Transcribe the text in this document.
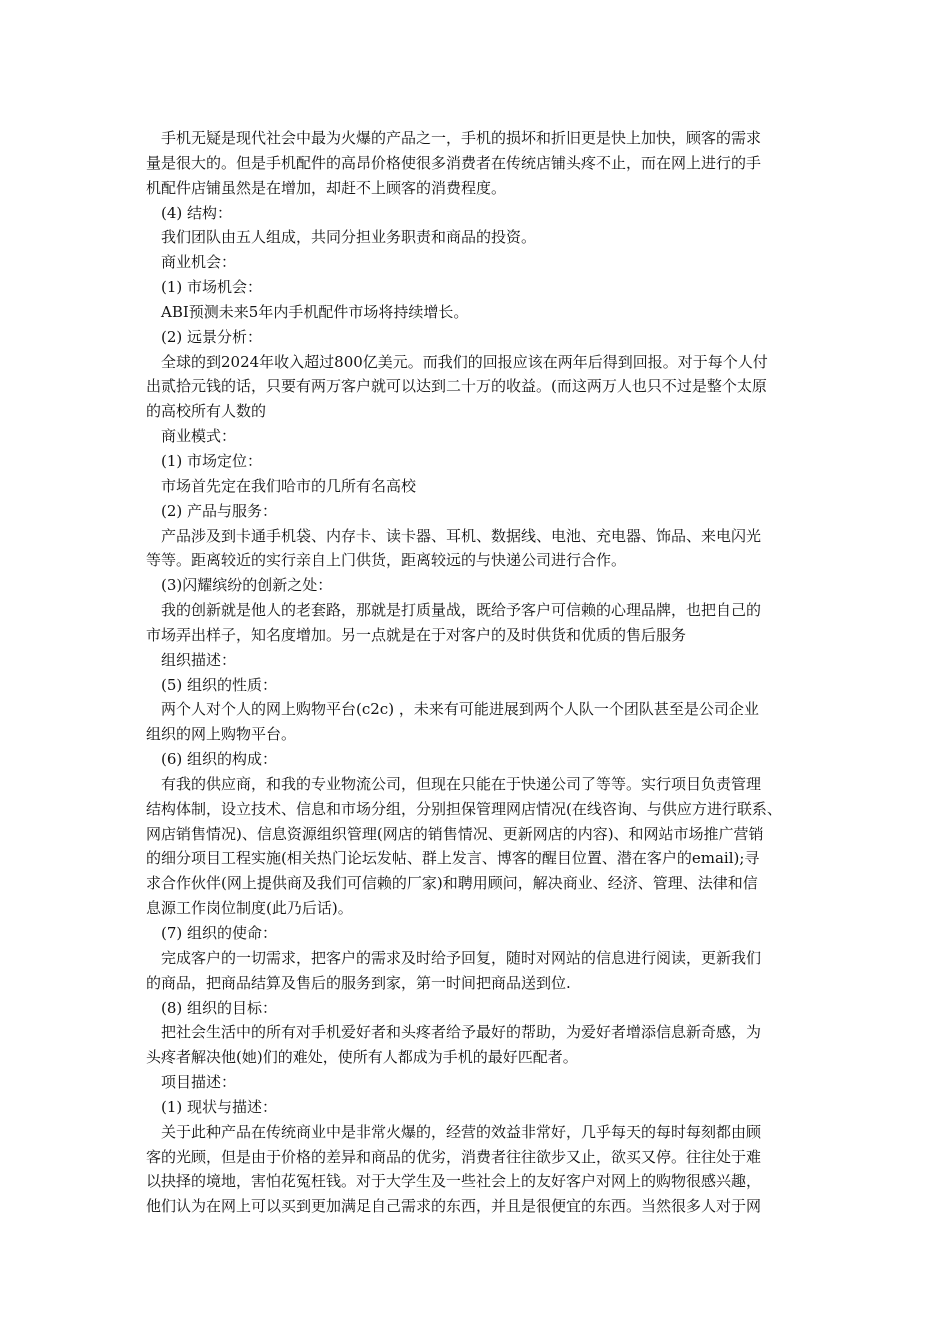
手机无疑是现代社会中最为火爆的产品之一，手机的损坏和折旧更是快上加快，顾客的需求
量是很大的。但是手机配件的高昂价格使很多消费者在传统店铺头疼不止，而在网上进行的手
机配件店铺虽然是在增加，却赶不上顾客的消费程度。
(4) 结构：
我们团队由五人组成，共同分担业务职责和商品的投资。
商业机会：
(1) 市场机会：
ABI预测未来5年内手机配件市场将持续增长。
(2) 远景分析：
全球的到2024年收入超过800亿美元。而我们的回报应该在两年后得到回报。对于每个人付
出贰拾元钱的话，只要有两万客户就可以达到二十万的收益。(而这两万人也只不过是整个太原
的高校所有人数的
商业模式：
(1) 市场定位：
市场首先定在我们哈市的几所有名高校
(2) 产品与服务：
产品涉及到卡通手机袋、内存卡、读卡器、耳机、数据线、电池、充电器、饰品、来电闪光
等等。距离较近的实行亲自上门供货，距离较远的与快递公司进行合作。
(3)闪耀缤纷的创新之处：
我的创新就是他人的老套路，那就是打质量战，既给予客户可信赖的心理品牌，也把自己的
市场弄出样子，知名度增加。另一点就是在于对客户的及时供货和优质的售后服务
组织描述：
(5) 组织的性质：
两个人对个人的网上购物平台(c2c) ，未来有可能进展到两个人队一个团队甚至是公司企业
组织的网上购物平台。
(6) 组织的构成：
有我的供应商，和我的专业物流公司，但现在只能在于快递公司了等等。实行项目负责管理
结构体制，设立技术、信息和市场分组，分别担保管理网店情况(在线咨询、与供应方进行联系、
网店销售情况)、信息资源组织管理(网店的销售情况、更新网店的内容)、和网站市场推广营销
的细分项目工程实施(相关热门论坛发帖、群上发言、博客的醒目位置、潜在客户的email);寻
求合作伙伴(网上提供商及我们可信赖的厂家)和聘用顾问，解决商业、经济、管理、法律和信
息源工作岗位制度(此乃后话)。
(7) 组织的使命：
完成客户的一切需求，把客户的需求及时给予回复，随时对网站的信息进行阅读，更新我们
的商品，把商品结算及售后的服务到家，第一时间把商品送到位.
(8) 组织的目标：
把社会生活中的所有对手机爱好者和头疼者给予最好的帮助，为爱好者增添信息新奇感，为
头疼者解决他(她)们的难处，使所有人都成为手机的最好匹配者。
项目描述：
(1) 现状与描述：
关于此种产品在传统商业中是非常火爆的，经营的效益非常好，几乎每天的每时每刻都由顾
客的光顾，但是由于价格的差异和商品的优劣，消费者往往欲步又止，欲买又停。往往处于难
以抉择的境地，害怕花冤枉钱。对于大学生及一些社会上的友好客户对网上的购物很感兴趣，
他们认为在网上可以买到更加满足自己需求的东西，并且是很便宜的东西。当然很多人对于网
